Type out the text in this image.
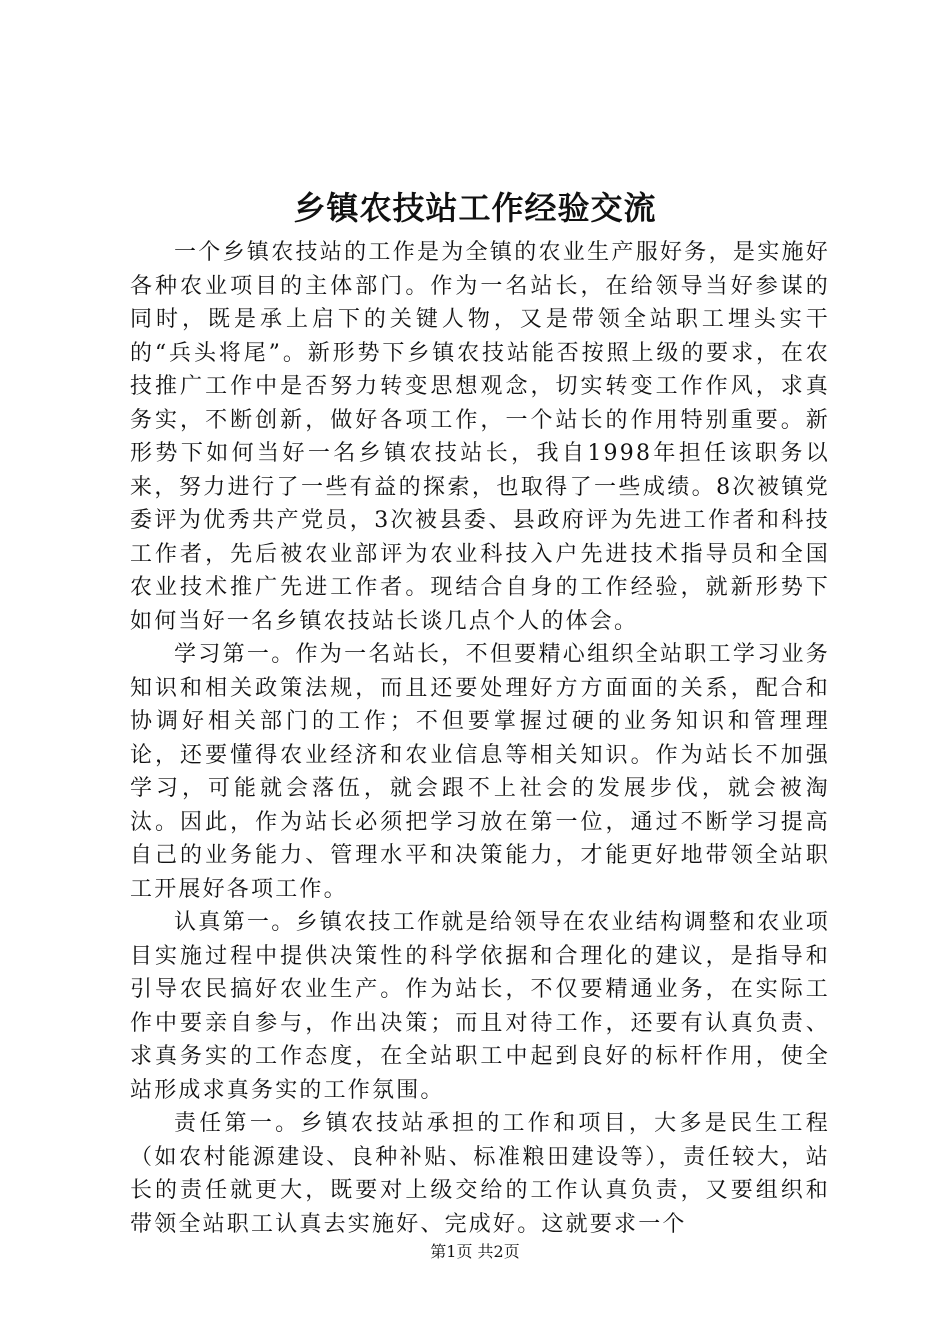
乡镇农技站工作经验交流

一个乡镇农技站的工作是为全镇的农业生产服好务，是实施好各种农业项目的主体部门。作为一名站长，在给领导当好参谋的同时，既是承上启下的关键人物，又是带领全站职工埋头实干的“兵头将尾”。新形势下乡镇农技站能否按照上级的要求，在农技推广工作中是否努力转变思想观念，切实转变工作作风，求真务实，不断创新，做好各项工作，一个站长的作用特别重要。新形势下如何当好一名乡镇农技站长，我自1998年担任该职务以来，努力进行了一些有益的探索，也取得了一些成绩。8次被镇党委评为优秀共产党员，3次被县委、县政府评为先进工作者和科技工作者，先后被农业部评为农业科技入户先进技术指导员和全国农业技术推广先进工作者。现结合自身的工作经验，就新形势下如何当好一名乡镇农技站长谈几点个人的体会。

学习第一。作为一名站长，不但要精心组织全站职工学习业务知识和相关政策法规，而且还要处理好方方面面的关系，配合和协调好相关部门的工作；不但要掌握过硬的业务知识和管理理论，还要懂得农业经济和农业信息等相关知识。作为站长不加强学习，可能就会落伍，就会跟不上社会的发展步伐，就会被淘汰。因此，作为站长必须把学习放在第一位，通过不断学习提高自己的业务能力、管理水平和决策能力，才能更好地带领全站职工开展好各项工作。

认真第一。乡镇农技工作就是给领导在农业结构调整和农业项目实施过程中提供决策性的科学依据和合理化的建议，是指导和引导农民搞好农业生产。作为站长，不仅要精通业务，在实际工作中要亲自参与，作出决策；而且对待工作，还要有认真负责、求真务实的工作态度，在全站职工中起到良好的标杆作用，使全站形成求真务实的工作氛围。

责任第一。乡镇农技站承担的工作和项目，大多是民生工程（如农村能源建设、良种补贴、标准粮田建设等），责任较大，站长的责任就更大，既要对上级交给的工作认真负责，又要组织和带领全站职工认真去实施好、完成好。这就要求一个

第1页 共2页
